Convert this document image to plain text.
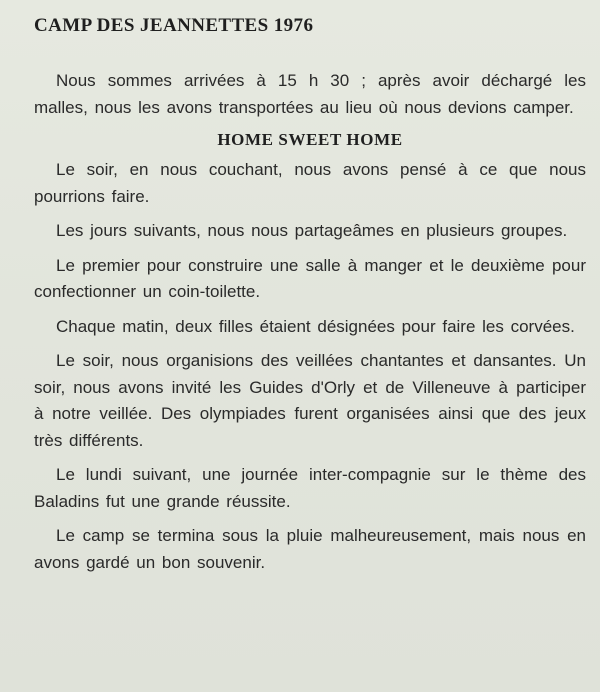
CAMP DES JEANNETTES 1976

Nous sommes arrivées à 15 h 30 ; après avoir déchargé les malles, nous les avons transportées au lieu où nous devions camper.

HOME SWEET HOME

Le soir, en nous couchant, nous avons pensé à ce que nous pourrions faire.

Les jours suivants, nous nous partageâmes en plusieurs groupes.

Le premier pour construire une salle à manger et le deuxième pour confectionner un coin-toilette.

Chaque matin, deux filles étaient désignées pour faire les corvées.

Le soir, nous organisions des veillées chantantes et dansantes. Un soir, nous avons invité les Guides d'Orly et de Villeneuve à participer à notre veillée. Des olympiades furent organisées ainsi que des jeux très différents.

Le lundi suivant, une journée inter-compagnie sur le thème des Baladins fut une grande réussite.

Le camp se termina sous la pluie malheureusement, mais nous en avons gardé un bon souvenir.
